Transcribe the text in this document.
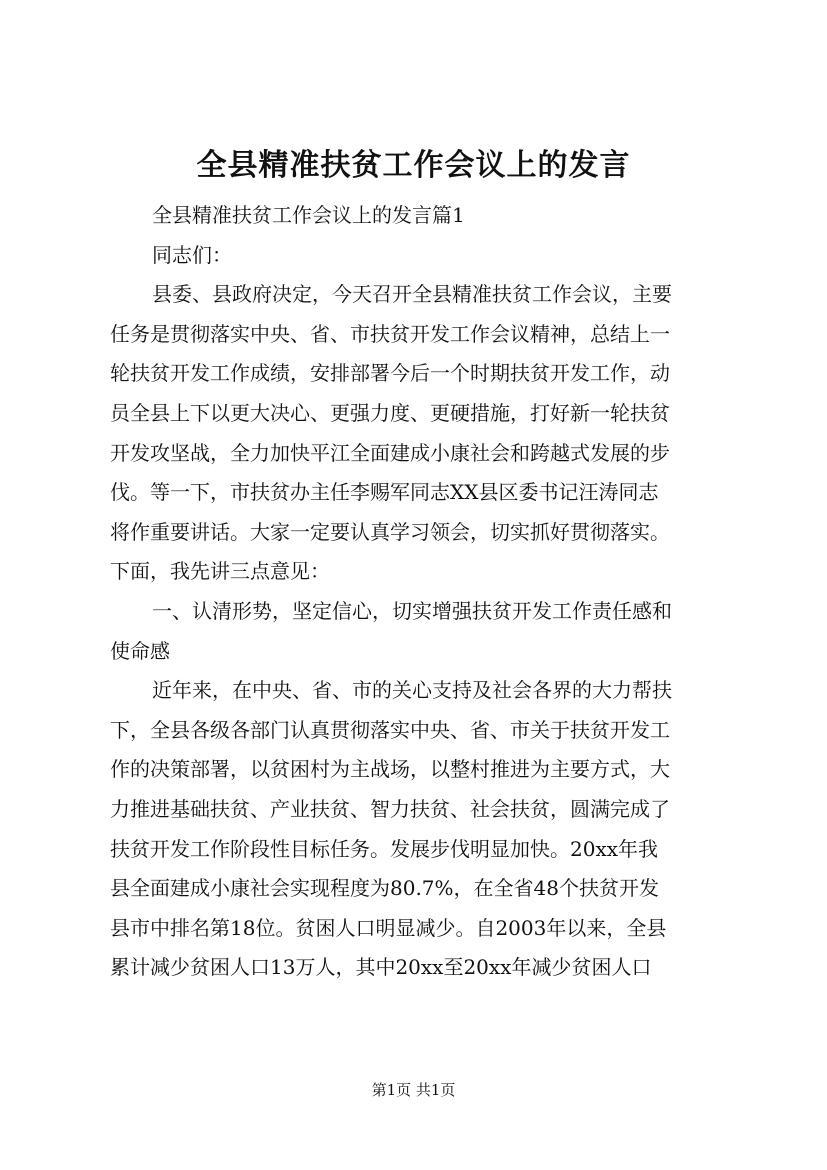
全县精准扶贫工作会议上的发言
全县精准扶贫工作会议上的发言篇1
同志们：
县委、县政府决定，今天召开全县精准扶贫工作会议，主要
任务是贯彻落实中央、省、市扶贫开发工作会议精神，总结上一
轮扶贫开发工作成绩，安排部署今后一个时期扶贫开发工作，动
员全县上下以更大决心、更强力度、更硬措施，打好新一轮扶贫
开发攻坚战，全力加快平江全面建成小康社会和跨越式发展的步
伐。等一下，市扶贫办主任李赐军同志XX县区委书记汪涛同志
将作重要讲话。大家一定要认真学习领会，切实抓好贯彻落实。
下面，我先讲三点意见：
一、认清形势，坚定信心，切实增强扶贫开发工作责任感和
使命感
近年来，在中央、省、市的关心支持及社会各界的大力帮扶
下，全县各级各部门认真贯彻落实中央、省、市关于扶贫开发工
作的决策部署，以贫困村为主战场，以整村推进为主要方式，大
力推进基础扶贫、产业扶贫、智力扶贫、社会扶贫，圆满完成了
扶贫开发工作阶段性目标任务。发展步伐明显加快。20xx年我
县全面建成小康社会实现程度为80.7%，在全省48个扶贫开发
县市中排名第18位。贫困人口明显减少。自2003年以来，全县
累计减少贫困人口13万人，其中20xx至20xx年减少贫困人口
第1页 共1页
